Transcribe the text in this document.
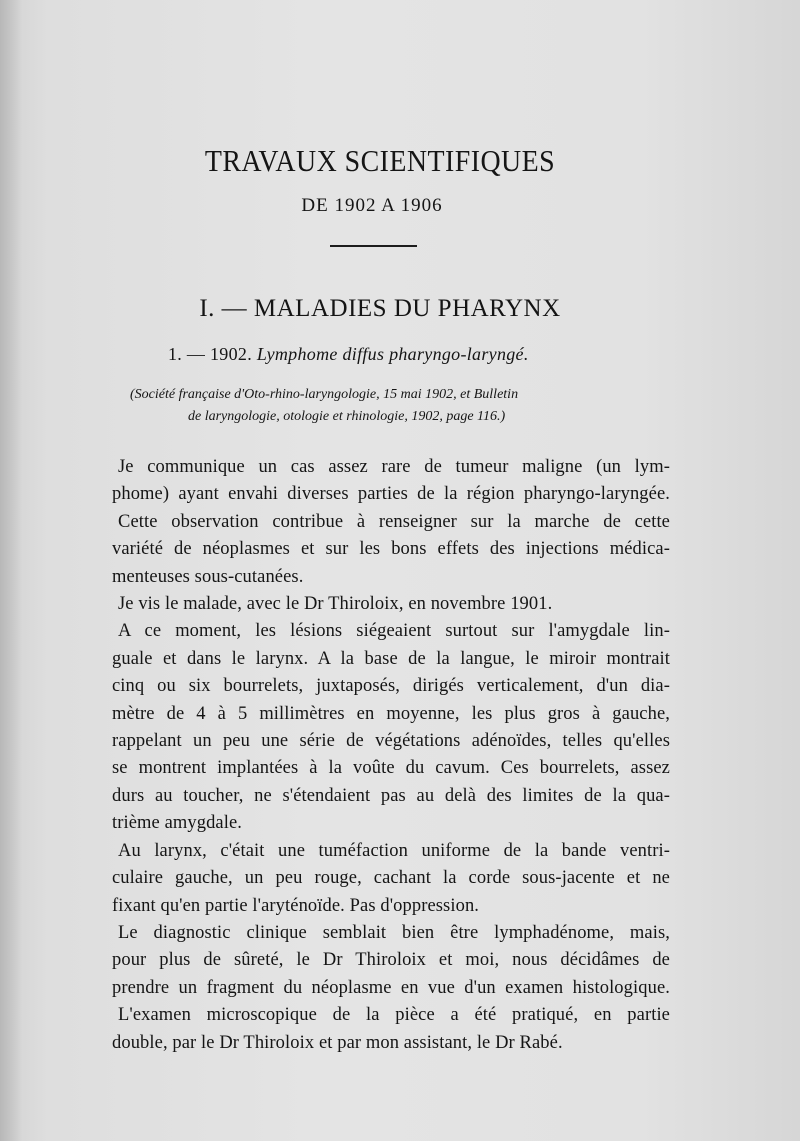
TRAVAUX SCIENTIFIQUES
DE 1902 A 1906
I. — MALADIES DU PHARYNX
1. — 1902. Lymphome diffus pharyngo-laryngé.
(Société française d'Oto-rhino-laryngologie, 15 mai 1902, et Bulletin
de laryngologie, otologie et rhinologie, 1902, page 116.)
Je communique un cas assez rare de tumeur maligne (un lym-
phome) ayant envahi diverses parties de la région pharyngo-laryngée.
Cette observation contribue à renseigner sur la marche de cette
variété de néoplasmes et sur les bons effets des injections médica-
menteuses sous-cutanées.
Je vis le malade, avec le Dr Thiroloix, en novembre 1901.
A ce moment, les lésions siégeaient surtout sur l'amygdale lin-
guale et dans le larynx. A la base de la langue, le miroir montrait
cinq ou six bourrelets, juxtaposés, dirigés verticalement, d'un dia-
mètre de 4 à 5 millimètres en moyenne, les plus gros à gauche,
rappelant un peu une série de végétations adénoïdes, telles qu'elles
se montrent implantées à la voûte du cavum. Ces bourrelets, assez
durs au toucher, ne s'étendaient pas au delà des limites de la qua-
trième amygdale.
Au larynx, c'était une tuméfaction uniforme de la bande ventri-
culaire gauche, un peu rouge, cachant la corde sous-jacente et ne
fixant qu'en partie l'aryténoïde. Pas d'oppression.
Le diagnostic clinique semblait bien être lymphadénome, mais,
pour plus de sûreté, le Dr Thiroloix et moi, nous décidâmes de
prendre un fragment du néoplasme en vue d'un examen histologique.
L'examen microscopique de la pièce a été pratiqué, en partie
double, par le Dr Thiroloix et par mon assistant, le Dr Rabé.
